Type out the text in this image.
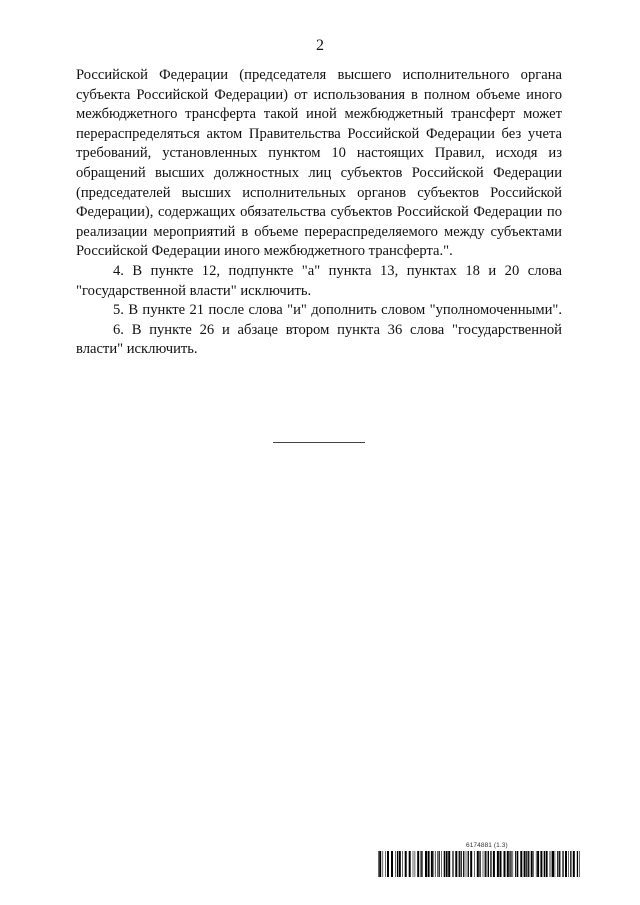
2

Российской Федерации (председателя высшего исполнительного органа субъекта Российской Федерации) от использования в полном объеме иного межбюджетного трансферта такой иной межбюджетный трансферт может перераспределяться актом Правительства Российской Федерации без учета требований, установленных пунктом 10 настоящих Правил, исходя из обращений высших должностных лиц субъектов Российской Федерации (председателей высших исполнительных органов субъектов Российской Федерации), содержащих обязательства субъектов Российской Федерации по реализации мероприятий в объеме перераспределяемого между субъектами Российской Федерации иного межбюджетного трансферта.".

4. В пункте 12, подпункте "а" пункта 13, пунктах 18 и 20 слова "государственной власти" исключить.

5. В пункте 21 после слова "и" дополнить словом "уполномоченными".

6. В пункте 26 и абзаце втором пункта 36 слова "государственной власти" исключить.

6174881 (1.3)
